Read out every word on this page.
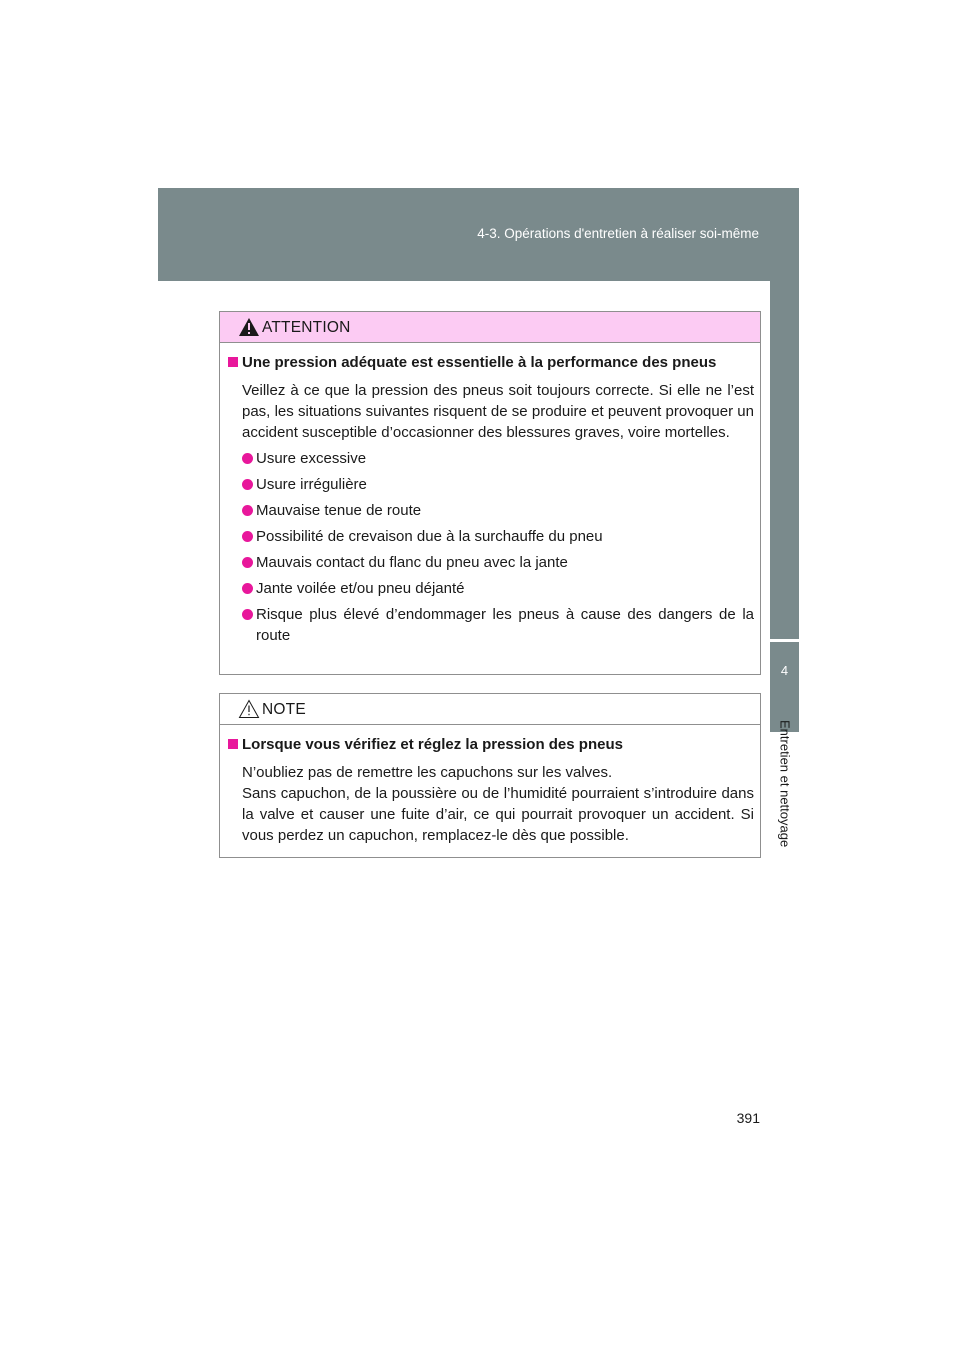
4-3. Opérations d'entretien à réaliser soi-même
4
Entretien et nettoyage
ATTENTION
Une pression adéquate est essentielle à la performance des pneus
Veillez à ce que la pression des pneus soit toujours correcte. Si elle ne l’est pas, les situations suivantes risquent de se produire et peuvent provoquer un accident susceptible d’occasionner des blessures graves, voire mortelles.
Usure excessive
Usure irrégulière
Mauvaise tenue de route
Possibilité de crevaison due à la surchauffe du pneu
Mauvais contact du flanc du pneu avec la jante
Jante voilée et/ou pneu déjanté
Risque plus élevé d’endommager les pneus à cause des dangers de la route
NOTE
Lorsque vous vérifiez et réglez la pression des pneus
N’oubliez pas de remettre les capuchons sur les valves.
Sans capuchon, de la poussière ou de l’humidité pourraient s’introduire dans la valve et causer une fuite d’air, ce qui pourrait provoquer un accident. Si vous perdez un capuchon, remplacez-le dès que possible.
391
